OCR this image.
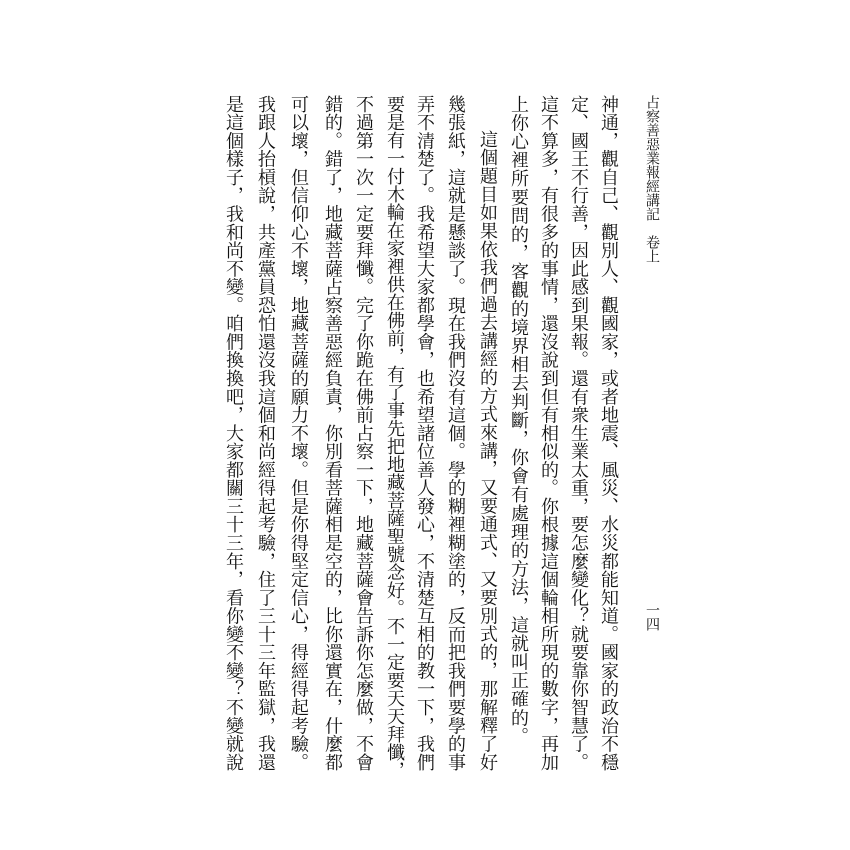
占察善惡業報經講記　卷上
一四
神通，觀自己、觀別人、觀國家，或者地震、風災、水災都能知道。國家的政治不穩
定、國王不行善，因此感到果報。還有衆生業太重，要怎麼變化？就要靠你智慧了。
這不算多，有很多的事情，還沒說到但有相似的。你根據這個輪相所現的數字，再加
上你心裡所要問的，客觀的境界相去判斷，你會有處理的方法，這就叫正確的。
這個題目如果依我們過去講經的方式來講，又要通式、又要別式的，那解釋了好
幾張紙，這就是懸談了。現在我們沒有這個。學的糊裡糊塗的，反而把我們要學的事
弄不清楚了。我希望大家都學會，也希望諸位善人發心，不清楚互相的教一下，我們
要是有一付木輪在家裡供在佛前，有了事先把地藏菩薩聖號念好。不一定要天天拜懺，
不過第一次一定要拜懺。完了你跪在佛前占察一下，地藏菩薩會告訴你怎麼做，不會
錯的。錯了，地藏菩薩占察善惡經負責，你別看菩薩相是空的，比你還實在，什麼都
可以壞，但信仰心不壞，地藏菩薩的願力不壞。但是你得堅定信心，得經得起考驗。
我跟人抬槓說，共產黨員恐怕還沒我這個和尚經得起考驗，住了三十三年監獄，我還
是這個樣子，我和尚不變。咱們換換吧，大家都關三十三年，看你變不變？不變就說
